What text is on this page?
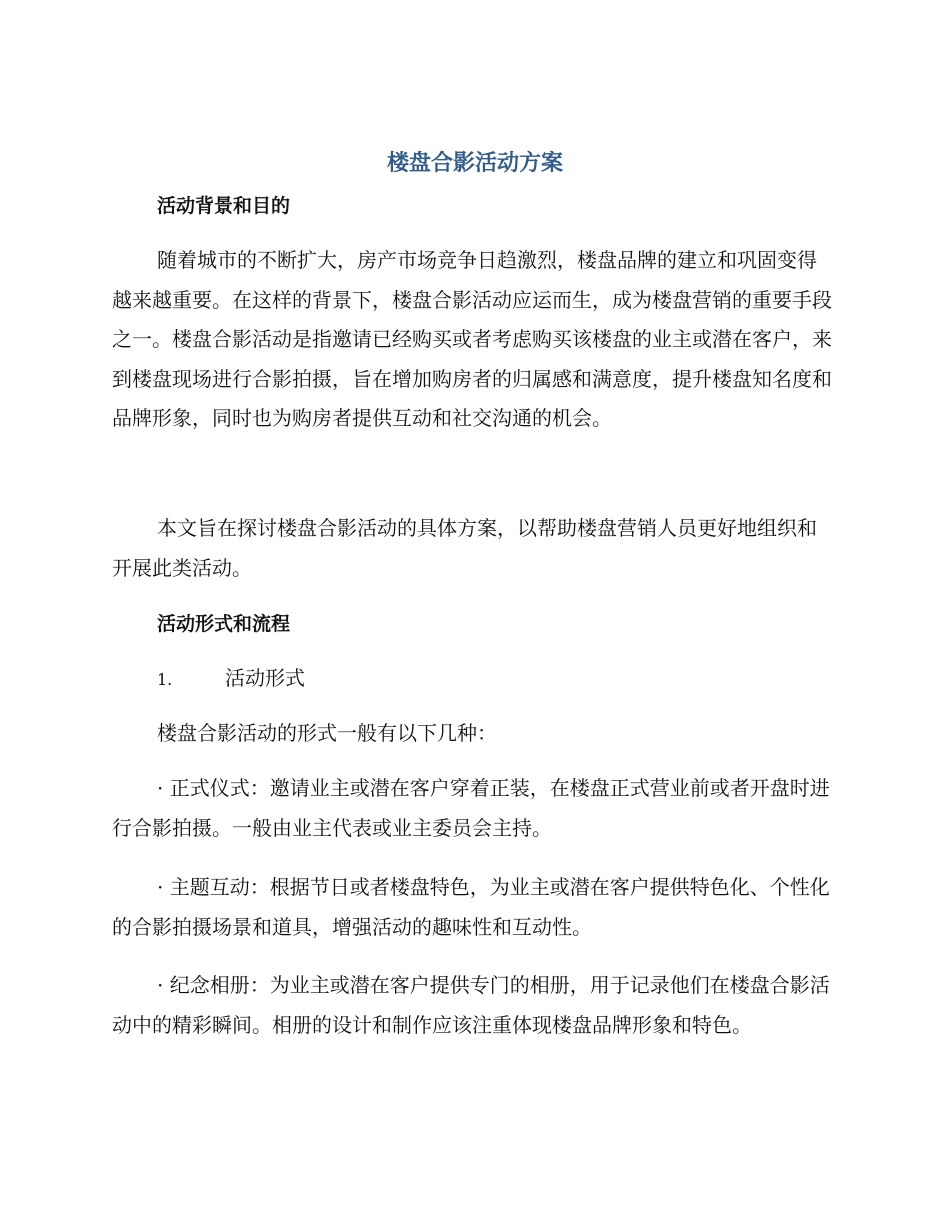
楼盘合影活动方案
活动背景和目的

随着城市的不断扩大，房产市场竞争日趋激烈，楼盘品牌的建立和巩固变得越来越重要。在这样的背景下，楼盘合影活动应运而生，成为楼盘营销的重要手段之一。楼盘合影活动是指邀请已经购买或者考虑购买该楼盘的业主或潜在客户，来到楼盘现场进行合影拍摄，旨在增加购房者的归属感和满意度，提升楼盘知名度和品牌形象，同时也为购房者提供互动和社交沟通的机会。

本文旨在探讨楼盘合影活动的具体方案，以帮助楼盘营销人员更好地组织和开展此类活动。

活动形式和流程
1.	活动形式

楼盘合影活动的形式一般有以下几种：

· 正式仪式：邀请业主或潜在客户穿着正装，在楼盘正式营业前或者开盘时进行合影拍摄。一般由业主代表或业主委员会主持。

· 主题互动：根据节日或者楼盘特色，为业主或潜在客户提供特色化、个性化的合影拍摄场景和道具，增强活动的趣味性和互动性。

· 纪念相册：为业主或潜在客户提供专门的相册，用于记录他们在楼盘合影活动中的精彩瞬间。相册的设计和制作应该注重体现楼盘品牌形象和特色。
